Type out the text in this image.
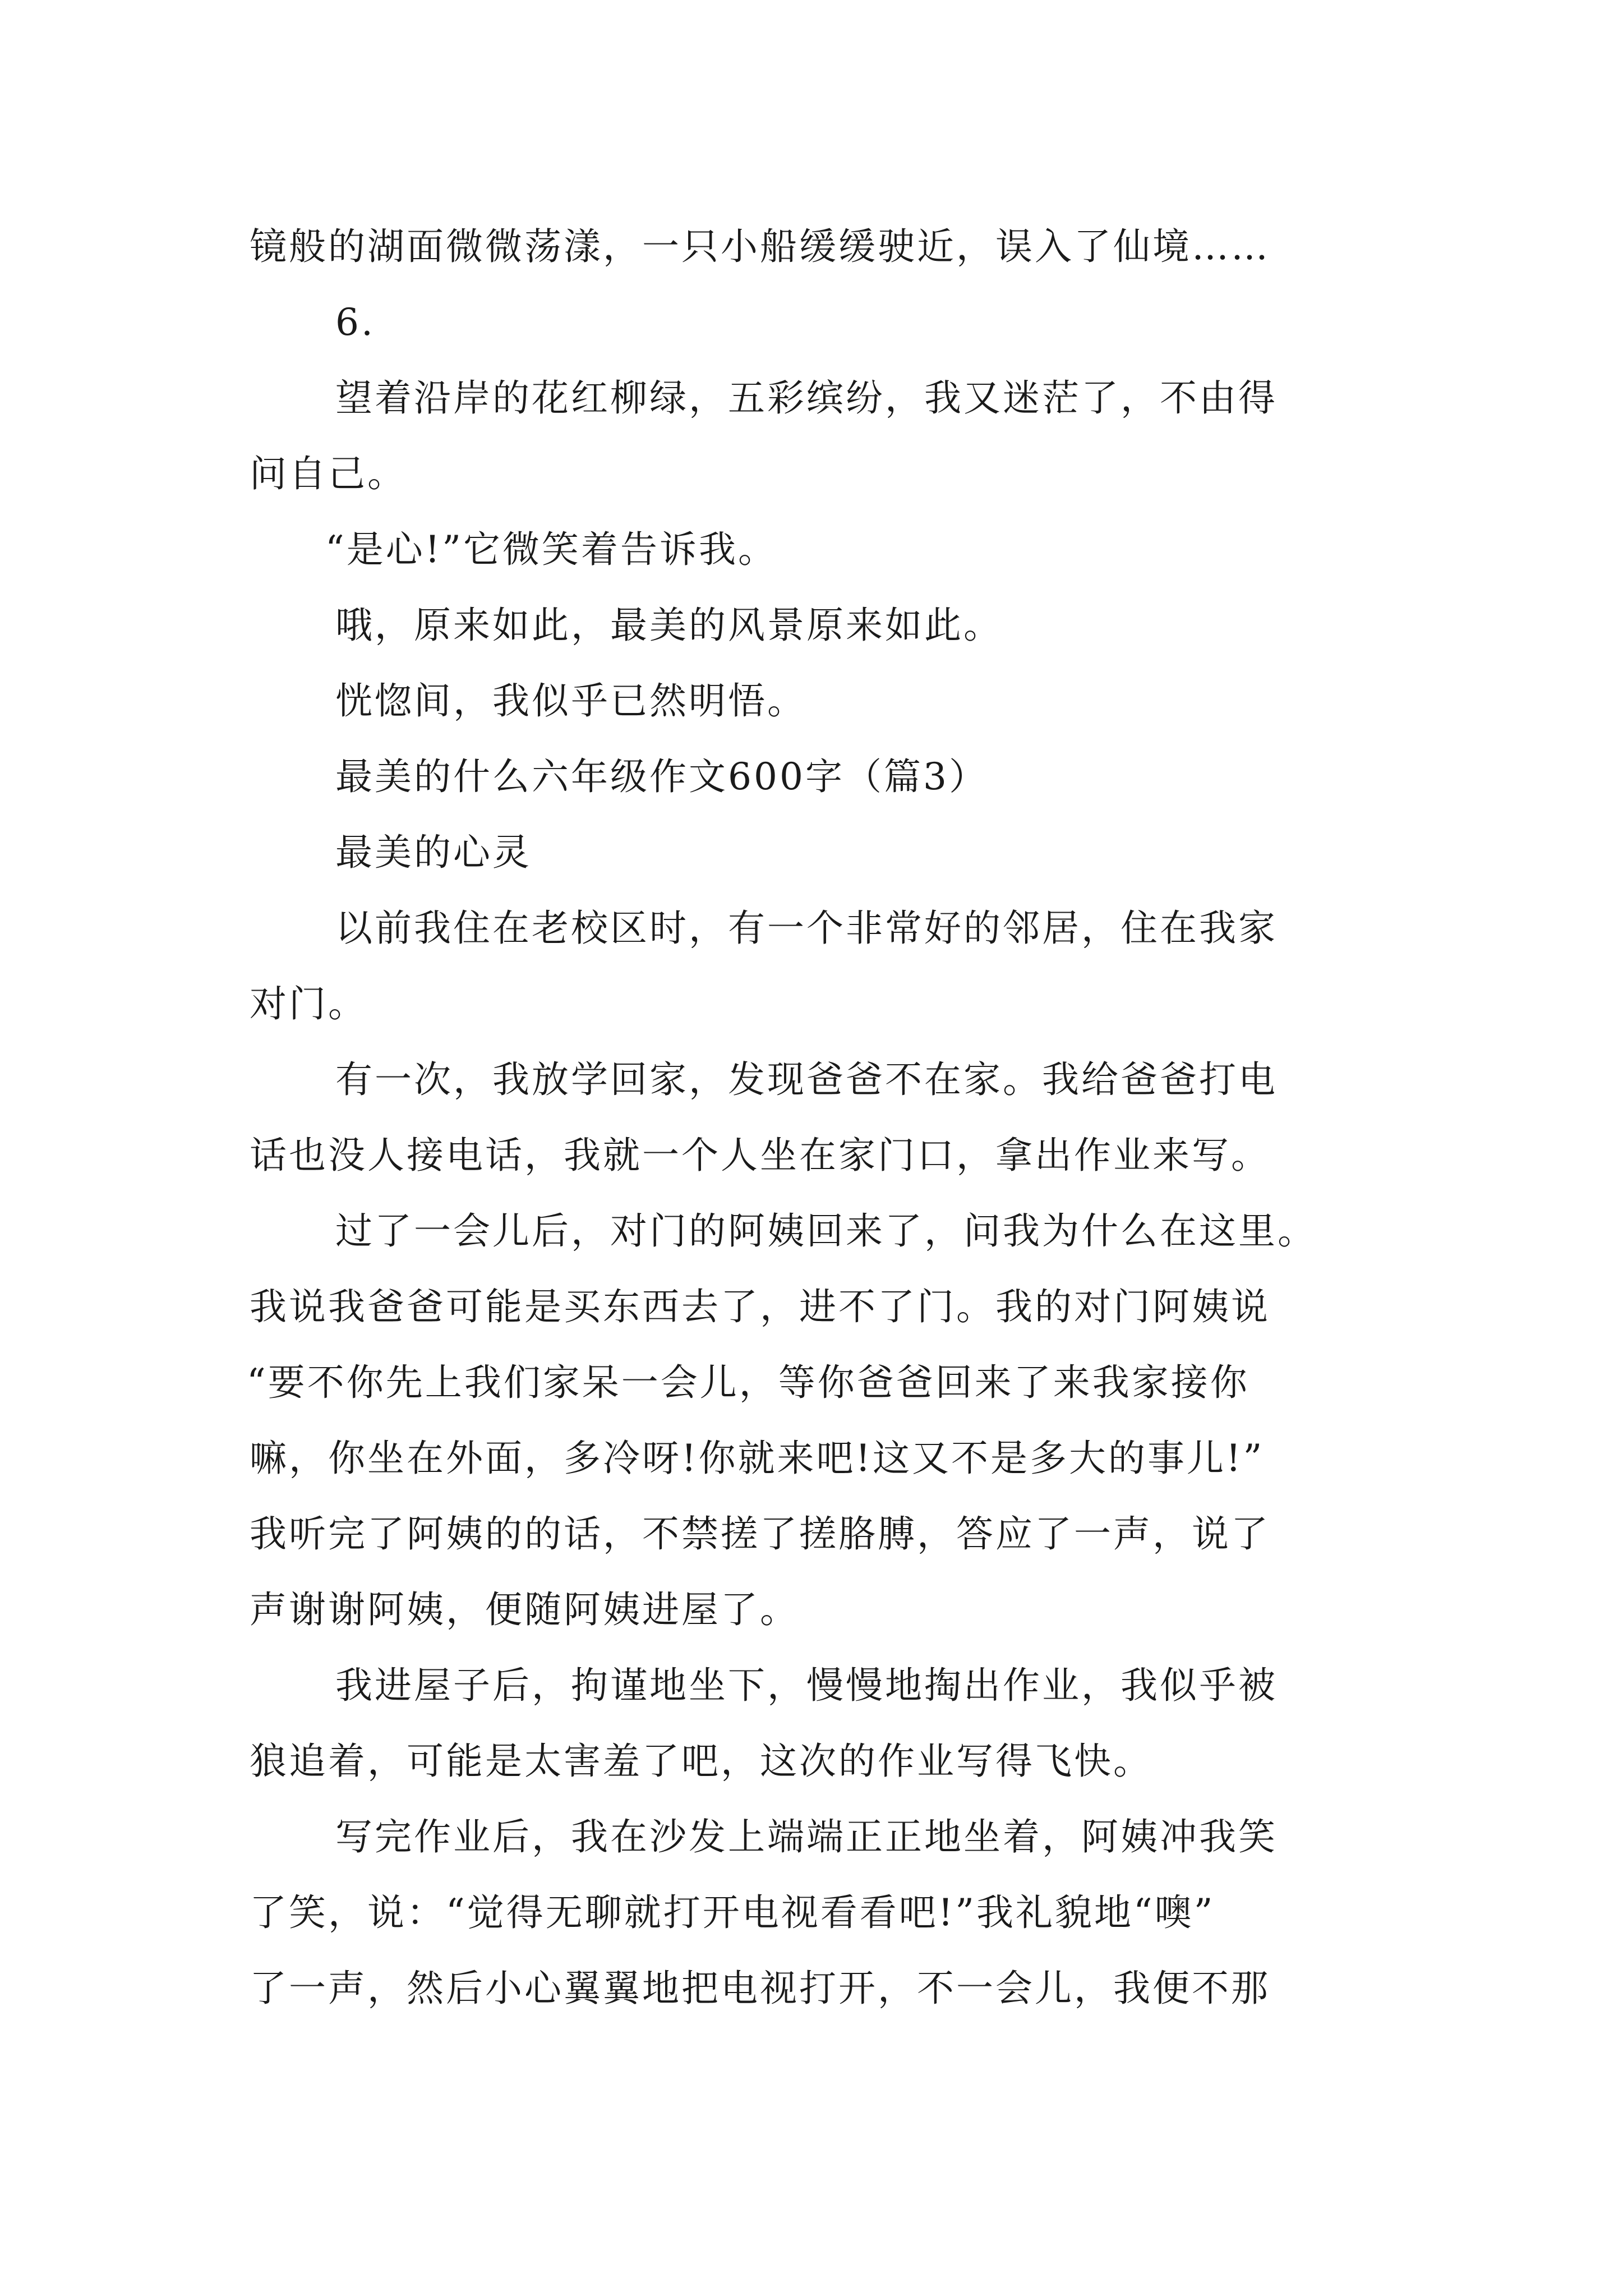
镜般的湖面微微荡漾，一只小船缓缓驶近，误入了仙境……
6.
望着沿岸的花红柳绿，五彩缤纷，我又迷茫了，不由得
问自己。
“是心!”它微笑着告诉我。
哦，原来如此，最美的风景原来如此。
恍惚间，我似乎已然明悟。
最美的什么六年级作文600字（篇3）
最美的心灵
以前我住在老校区时，有一个非常好的邻居，住在我家
对门。
有一次，我放学回家，发现爸爸不在家。我给爸爸打电
话也没人接电话，我就一个人坐在家门口，拿出作业来写。
过了一会儿后，对门的阿姨回来了，问我为什么在这里。
我说我爸爸可能是买东西去了，进不了门。我的对门阿姨说
“要不你先上我们家呆一会儿，等你爸爸回来了来我家接你
嘛，你坐在外面，多冷呀!你就来吧!这又不是多大的事儿!”
我听完了阿姨的的话，不禁搓了搓胳膊，答应了一声，说了
声谢谢阿姨，便随阿姨进屋了。
我进屋子后，拘谨地坐下，慢慢地掏出作业，我似乎被
狼追着，可能是太害羞了吧，这次的作业写得飞快。
写完作业后，我在沙发上端端正正地坐着，阿姨冲我笑
了笑，说：“觉得无聊就打开电视看看吧!”我礼貌地“噢”
了一声，然后小心翼翼地把电视打开，不一会儿，我便不那
